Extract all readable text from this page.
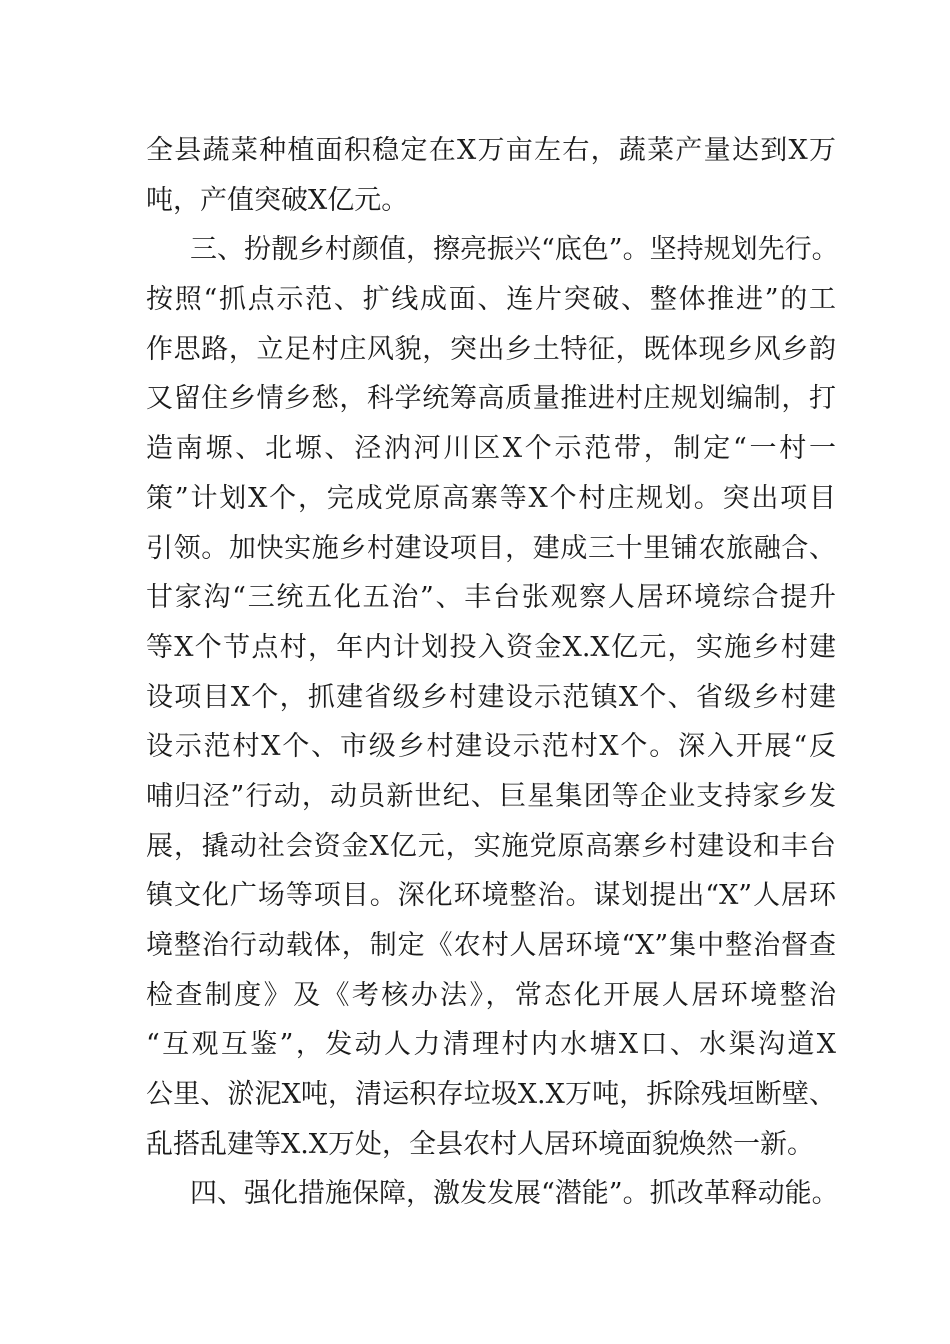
全县蔬菜种植面积稳定在X万亩左右，蔬菜产量达到X万
吨，产值突破X亿元。
三、扮靓乡村颜值，擦亮振兴“底色”。坚持规划先行。
按照“抓点示范、扩线成面、连片突破、整体推进”的工
作思路，立足村庄风貌，突出乡土特征，既体现乡风乡韵
又留住乡情乡愁，科学统筹高质量推进村庄规划编制，打
造南塬、北塬、泾汭河川区X个示范带，制定“一村一
策”计划X个，完成党原高寨等X个村庄规划。突出项目
引领。加快实施乡村建设项目，建成三十里铺农旅融合、
甘家沟“三统五化五治”、丰台张观察人居环境综合提升
等X个节点村，年内计划投入资金X.X亿元，实施乡村建
设项目X个，抓建省级乡村建设示范镇X个、省级乡村建
设示范村X个、市级乡村建设示范村X个。深入开展“反
哺归泾”行动，动员新世纪、巨星集团等企业支持家乡发
展，撬动社会资金X亿元，实施党原高寨乡村建设和丰台
镇文化广场等项目。深化环境整治。谋划提出“X”人居环
境整治行动载体，制定《农村人居环境“X”集中整治督查
检查制度》及《考核办法》，常态化开展人居环境整治
“互观互鉴”，发动人力清理村内水塘X口、水渠沟道X
公里、淤泥X吨，清运积存垃圾X.X万吨，拆除残垣断壁、
乱搭乱建等X.X万处，全县农村人居环境面貌焕然一新。
四、强化措施保障，激发发展“潜能”。抓改革释动能。
